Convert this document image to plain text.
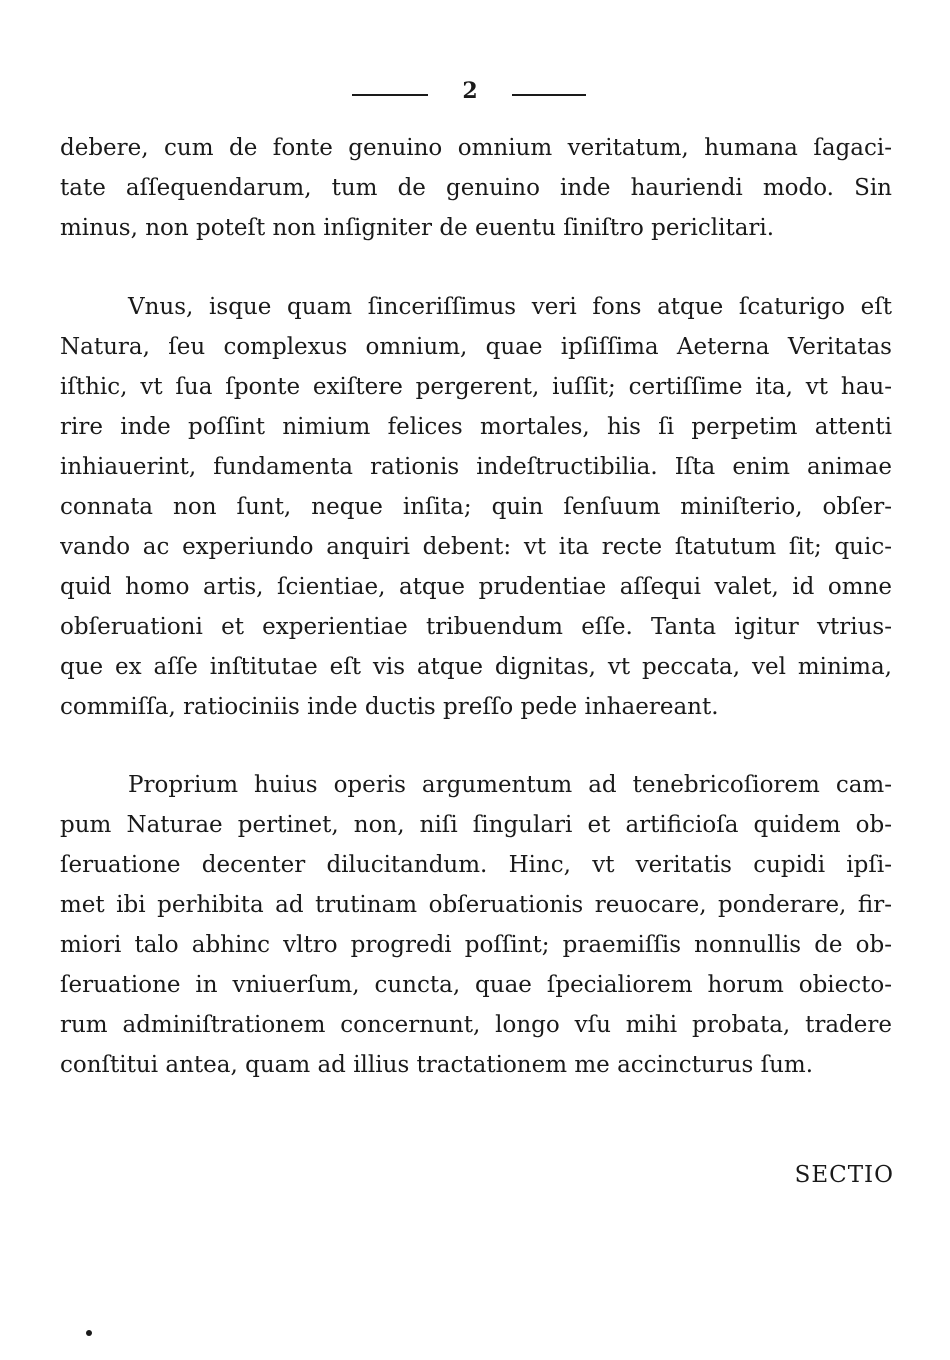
2
debere, cum de fonte genuino omnium veritatum, humana ſagaci-
tate aſſequendarum, tum de genuino inde hauriendi modo. Sin
minus, non poteſt non inſigniter de euentu ſiniſtro periclitari.
Vnus, isque quam ſinceriſſimus veri fons atque ſcaturigo eſt
Natura, ſeu complexus omnium, quae ipſiſſima Aeterna Veritatas
iſthic, vt ſua ſponte exiſtere pergerent, iuſſit; certiſſime ita, vt hau-
rire inde poſſint nimium felices mortales, his ſi perpetim attenti
inhiauerint, fundamenta rationis indeſtructibilia. Iſta enim animae
connata non ſunt, neque inſita; quin ſenſuum miniſterio, obſer-
vando ac experiundo anquiri debent: vt ita recte ſtatutum ſit; quic-
quid homo artis, ſcientiae, atque prudentiae aſſequi valet, id omne
obſeruationi et experientiae tribuendum eſſe. Tanta igitur vtrius-
que ex aſſe inſtitutae eſt vis atque dignitas, vt peccata, vel minima,
commiſſa, ratiociniis inde ductis preſſo pede inhaereant.
Proprium huius operis argumentum ad tenebricoſiorem cam-
pum Naturae pertinet, non, niſi ſingulari et artificioſa quidem ob-
ſeruatione decenter dilucitandum. Hinc, vt veritatis cupidi ipſi-
met ibi perhibita ad trutinam obſeruationis reuocare, ponderare, fir-
miori talo abhinc vltro progredi poſſint; praemiſſis nonnullis de ob-
ſeruatione in vniuerſum, cuncta, quae ſpecialiorem horum obiecto-
rum adminiſtrationem concernunt, longo vſu mihi probata, tradere
conſtitui antea, quam ad illius tractationem me accincturus ſum.
SECTIO
